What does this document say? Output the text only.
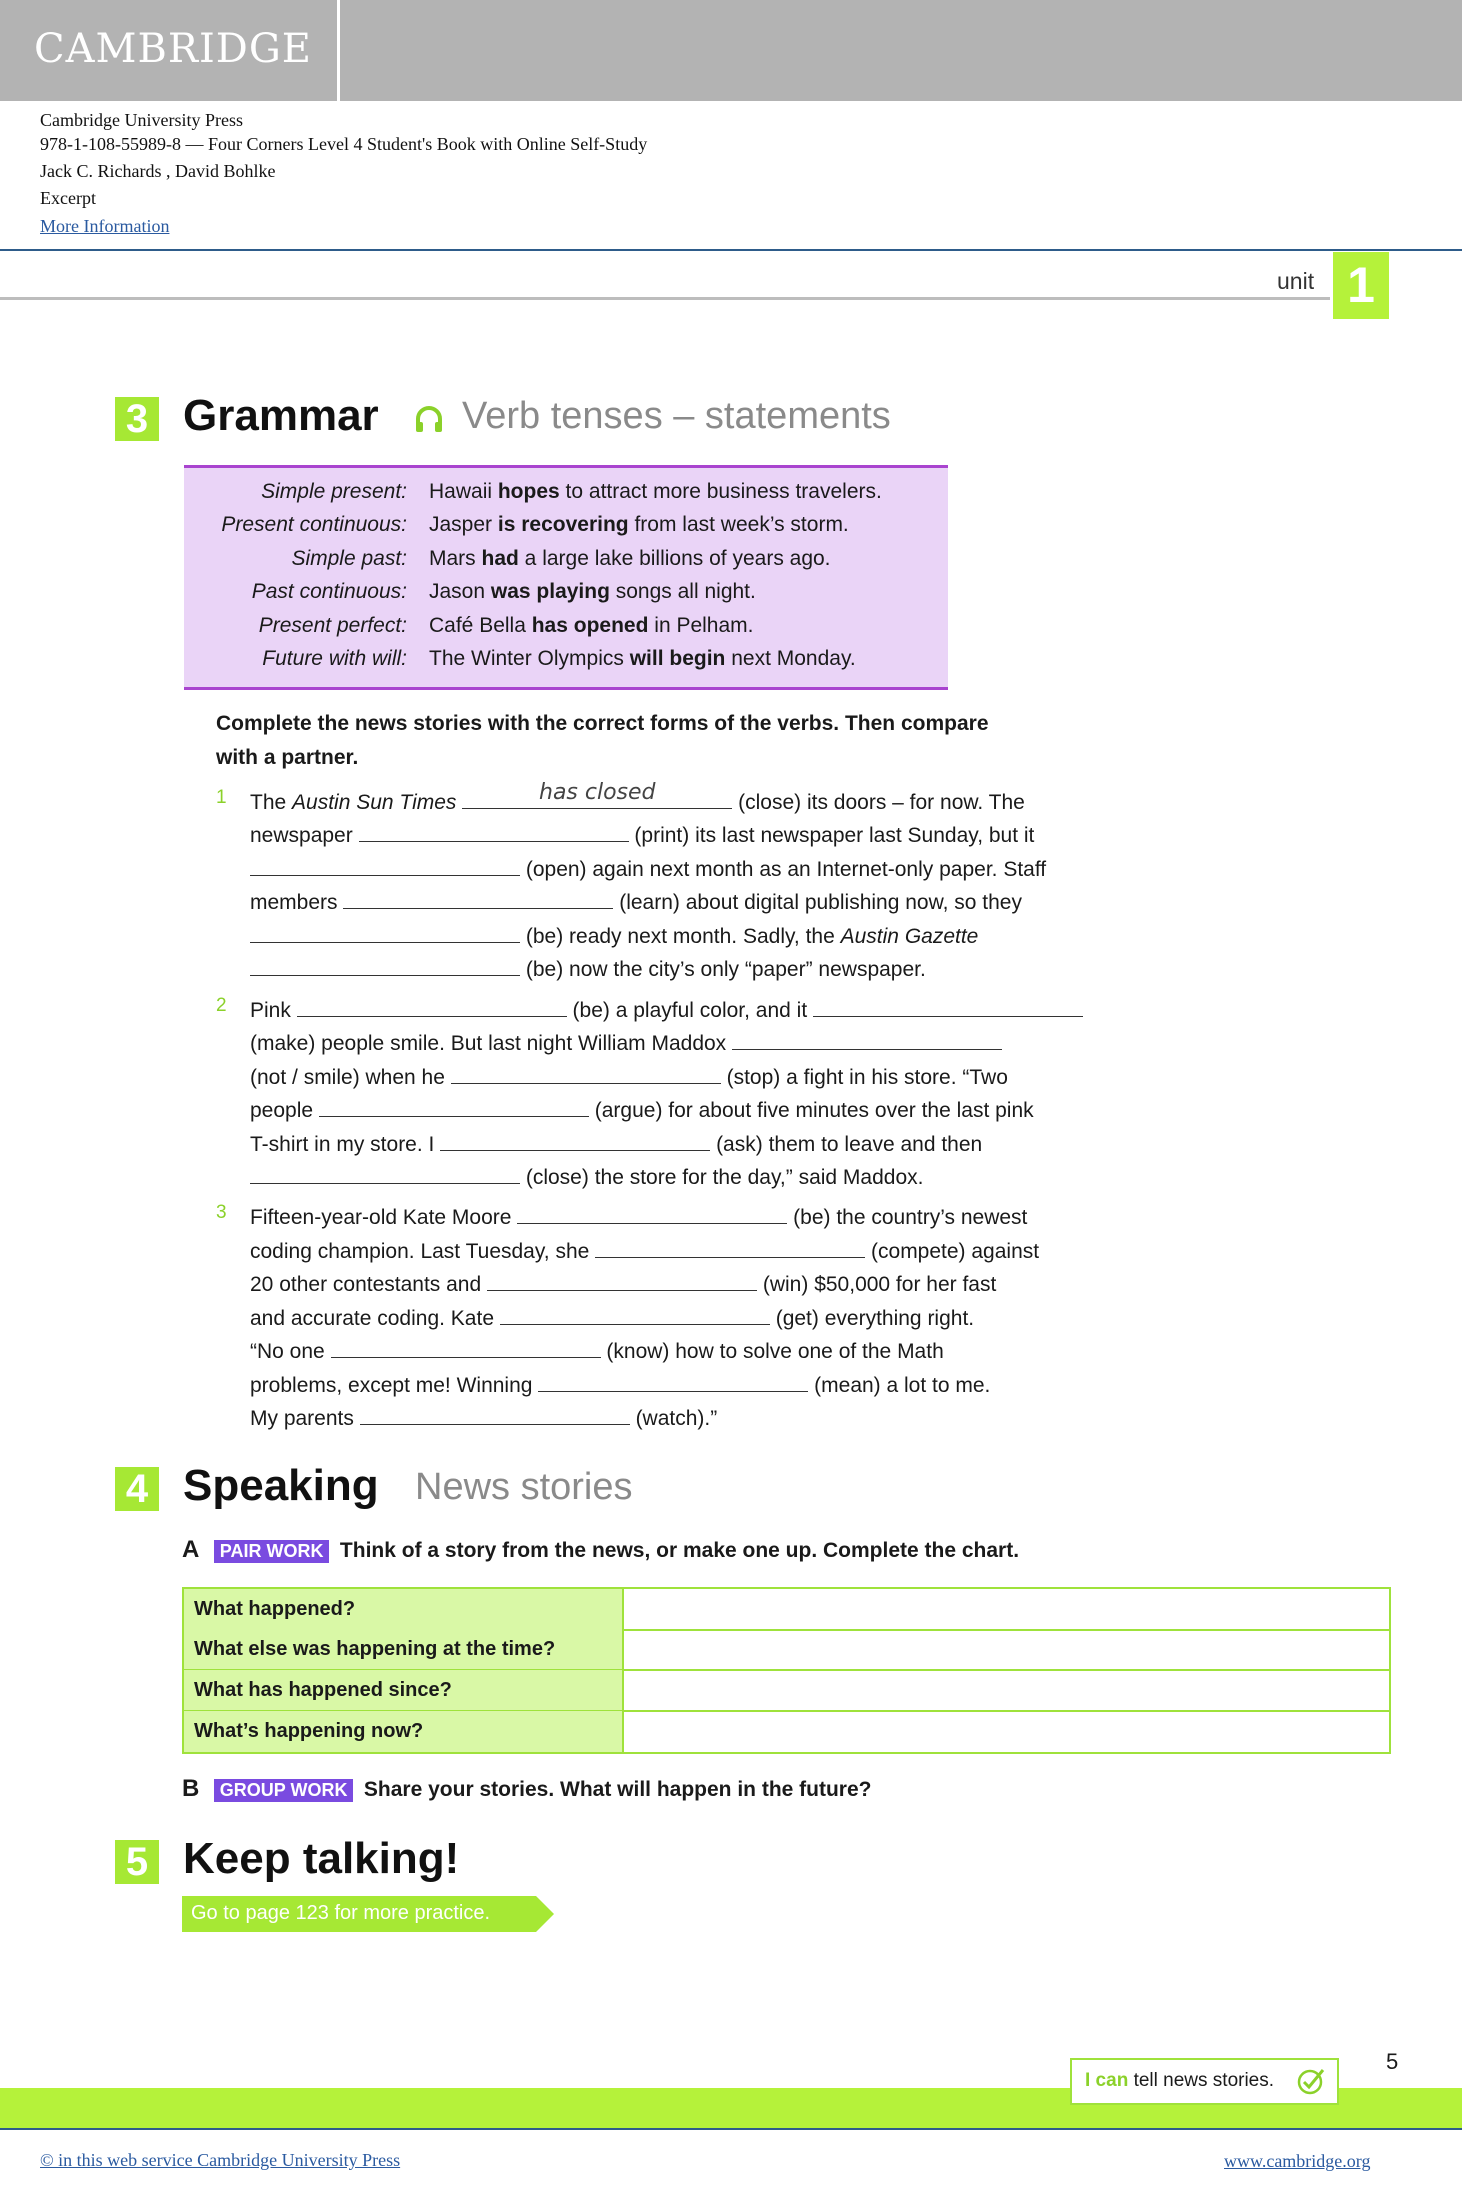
CAMBRIDGE
Cambridge University Press
978-1-108-55989-8 — Four Corners Level 4 Student's Book with Online Self-Study
Jack C. Richards , David Bohlke
Excerpt
More Information
unit 1
3 Grammar Verb tenses – statements
Simple present: Hawaii hopes to attract more business travelers.
Present continuous: Jasper is recovering from last week’s storm.
Simple past: Mars had a large lake billions of years ago.
Past continuous: Jason was playing songs all night.
Present perfect: Café Bella has opened in Pelham.
Future with will: The Winter Olympics will begin next Monday.
Complete the news stories with the correct forms of the verbs. Then compare
with a partner.
1 The Austin Sun Times	has closed	(close) its doors – for now. The
newspaper	(print) its last newspaper last Sunday, but it
(open) again next month as an Internet-only paper. Staff
members	(learn) about digital publishing now, so they
(be) ready next month. Sadly, the Austin Gazette
(be) now the city’s only “paper” newspaper.
2 Pink	(be) a playful color, and it
(make) people smile. But last night William Maddox
(not / smile) when he	(stop) a fight in his store. “Two
people	(argue) for about five minutes over the last pink
T-shirt in my store. I	(ask) them to leave and then
(close) the store for the day,” said Maddox.
3 Fifteen-year-old Kate Moore	(be) the country’s newest
coding champion. Last Tuesday, she	(compete) against
20 other contestants and	(win) $50,000 for her fast
and accurate coding. Kate	(get) everything right.
“No one	(know) how to solve one of the Math
problems, except me! Winning	(mean) a lot to me.
My parents	(watch).”
4 Speaking News stories
A PAIR WORK Think of a story from the news, or make one up. Complete the chart.
What happened?
What else was happening at the time?
What has happened since?
What’s happening now?
B GROUP WORK Share your stories. What will happen in the future?
5 Keep talking!
Go to page 123 for more practice.
I can tell news stories.
5
© in this web service Cambridge University Press	www.cambridge.org
